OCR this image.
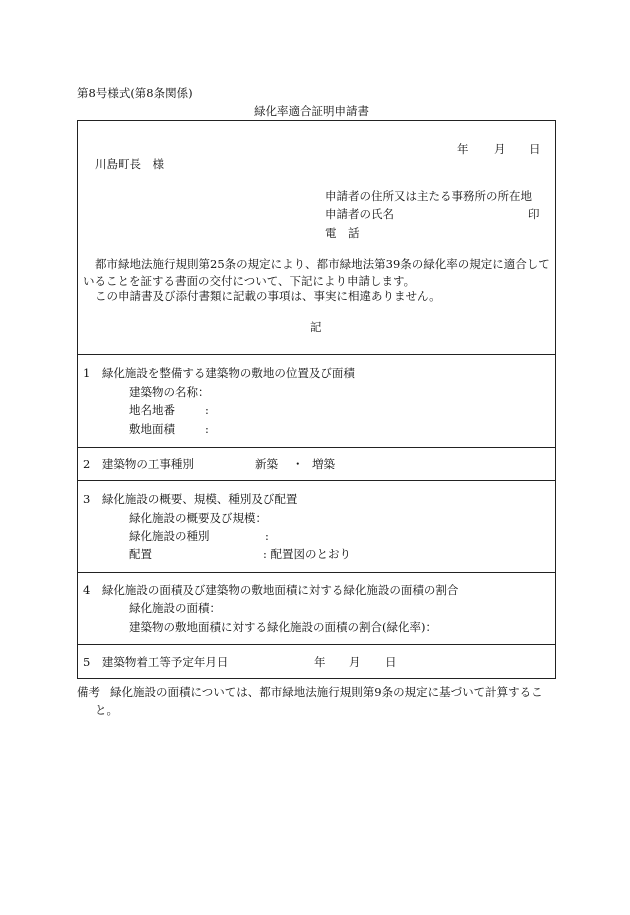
第8号様式(第8条関係)
緑化率適合証明申請書
年 月 日
川島町長　様
申請者の住所又は主たる事務所の所在地
申請者の氏名	印
電　話
都市緑地法施行規則第25条の規定により、都市緑地法第39条の緑化率の規定に適合して
いることを証する書面の交付について、下記により申請します。
この申請書及び添付書類に記載の事項は、事実に相違ありません。
記
1　緑化施設を整備する建築物の敷地の位置及び面積
建築物の名称：
地名地番	:
敷地面積	:
2　建築物の工事種別	新築 ・ 増築
3　緑化施設の概要、規模、種別及び配置
緑化施設の概要及び規模：
緑化施設の種別	:
配置	: 配置図のとおり
4　緑化施設の面積及び建築物の敷地面積に対する緑化施設の面積の割合
緑化施設の面積：
建築物の敷地面積に対する緑化施設の面積の割合(緑化率)：
5　建築物着工等予定年月日	年 月 日
備考 緑化施設の面積については、都市緑地法施行規則第9条の規定に基づいて計算するこ
と。
